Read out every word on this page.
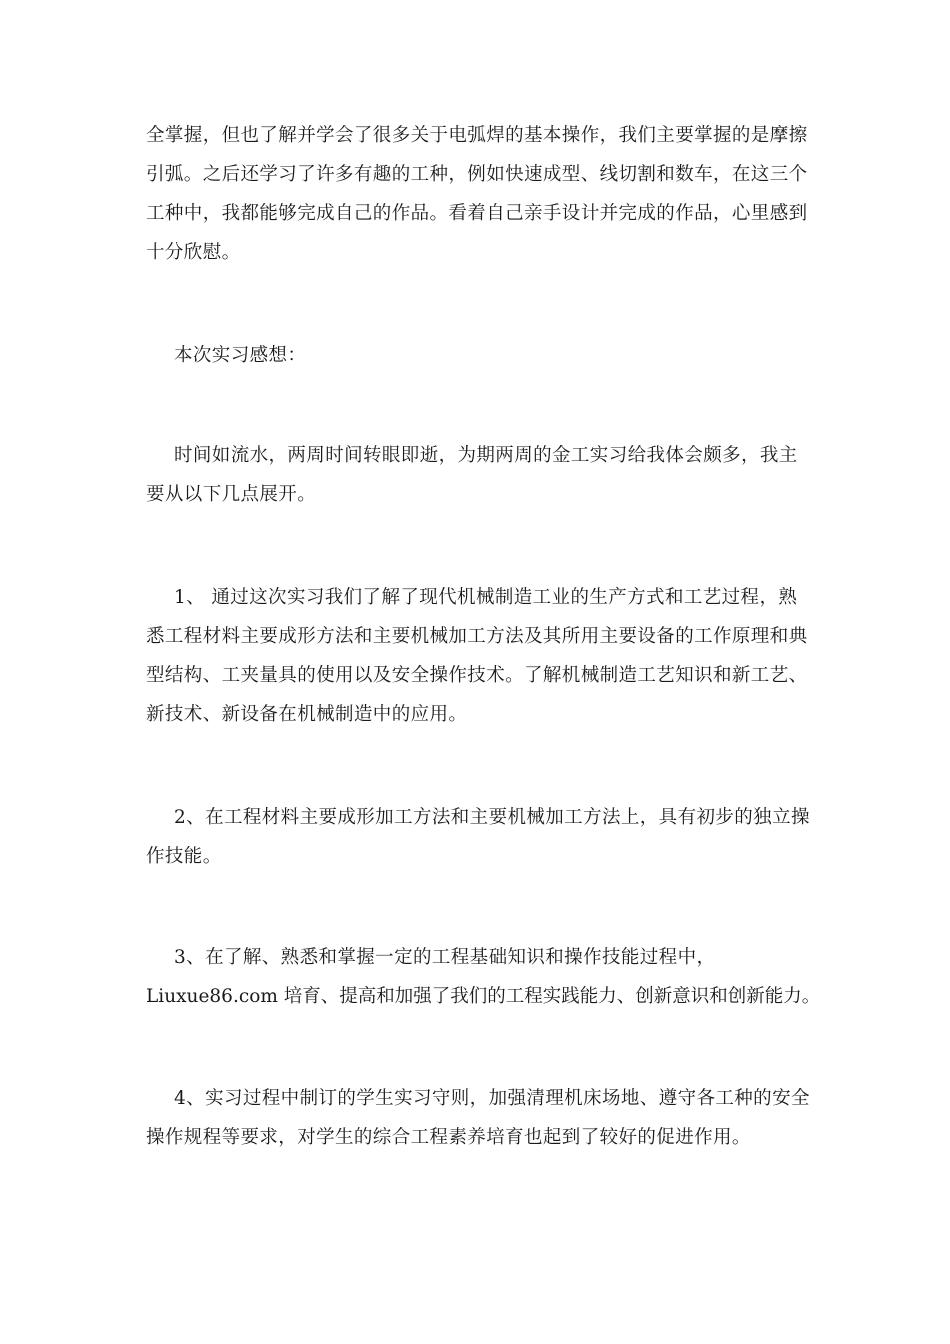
全掌握，但也了解并学会了很多关于电弧焊的基本操作，我们主要掌握的是摩擦引弧。之后还学习了许多有趣的工种，例如快速成型、线切割和数车，在这三个工种中，我都能够完成自己的作品。看着自己亲手设计并完成的作品，心里感到十分欣慰。

本次实习感想：

时间如流水，两周时间转眼即逝，为期两周的金工实习给我体会颇多，我主要从以下几点展开。

1、 通过这次实习我们了解了现代机械制造工业的生产方式和工艺过程，熟悉工程材料主要成形方法和主要机械加工方法及其所用主要设备的工作原理和典型结构、工夹量具的使用以及安全操作技术。了解机械制造工艺知识和新工艺、新技术、新设备在机械制造中的应用。

2、在工程材料主要成形加工方法和主要机械加工方法上，具有初步的独立操作技能。

3、在了解、熟悉和掌握一定的工程基础知识和操作技能过程中，

Liuxue86.com 培育、提高和加强了我们的工程实践能力、创新意识和创新能力。

4、实习过程中制订的学生实习守则，加强清理机床场地、遵守各工种的安全操作规程等要求，对学生的综合工程素养培育也起到了较好的促进作用。
